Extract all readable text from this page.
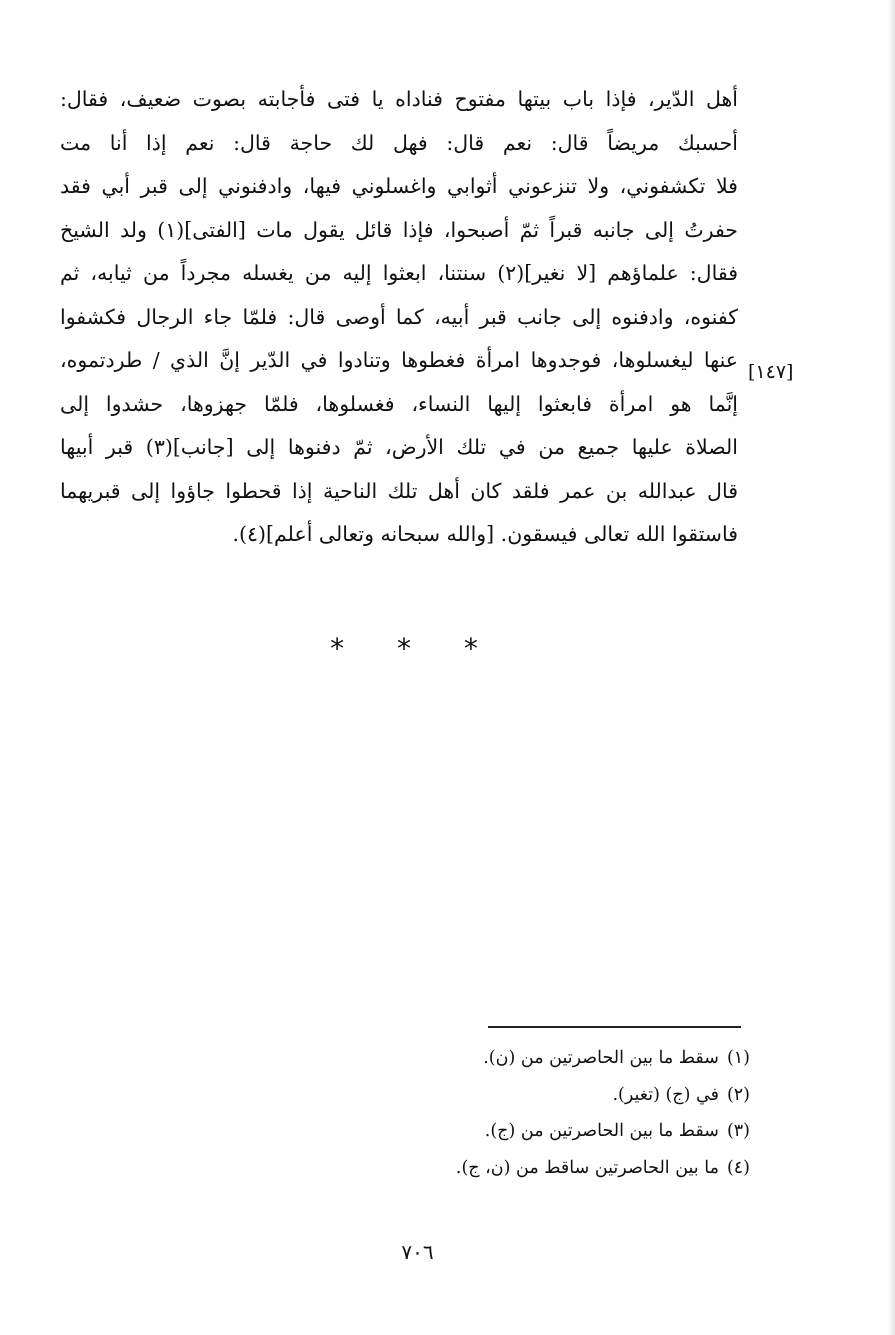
أهل الدّير، فإذا باب بيتها مفتوح فناداه يا فتى فأجابته بصوت ضعيف، فقال:
أحسبك مريضاً قال: نعم قال: فهل لك حاجة قال: نعم إذا أنا مت
فلا تكشفوني، ولا تنزعوني أثوابي واغسلوني فيها، وادفنوني إلى قبر أبي فقد
حفرتُ إلى جانبه قبراً ثمّ أصبحوا، فإذا قائل يقول مات [الفتى](١) ولد الشيخ
فقال: علماؤهم [لا نغير](٢) سنتنا، ابعثوا إليه من يغسله مجرداً من ثيابه، ثم
كفنوه، وادفنوه إلى جانب قبر أبيه، كما أوصى قال: فلمّا جاء الرجال فكشفوا
عنها ليغسلوها، فوجدوها امرأة فغطوها وتنادوا في الدّير إنَّ الذي / طردتموه،
إنَّما هو امرأة فابعثوا إليها النساء، فغسلوها، فلمّا جهزوها، حشدوا إلى
الصلاة عليها جميع من في تلك الأرض، ثمّ دفنوها إلى [جانب](٣) قبر أبيها
قال عبدالله بن عمر فلقد كان أهل تلك الناحية إذا قحطوا جاؤوا إلى قبريهما
فاستقوا الله تعالى فيسقون. [والله سبحانه وتعالى أعلم](٤).
[١٤٧]
* * *
(١)سقط ما بين الحاصرتين من (ن).
(٢)في (ج) (تغير).
(٣)سقط ما بين الحاصرتين من (ج).
(٤)ما بين الحاصرتين ساقط من (ن، ج).
٧٠٦
